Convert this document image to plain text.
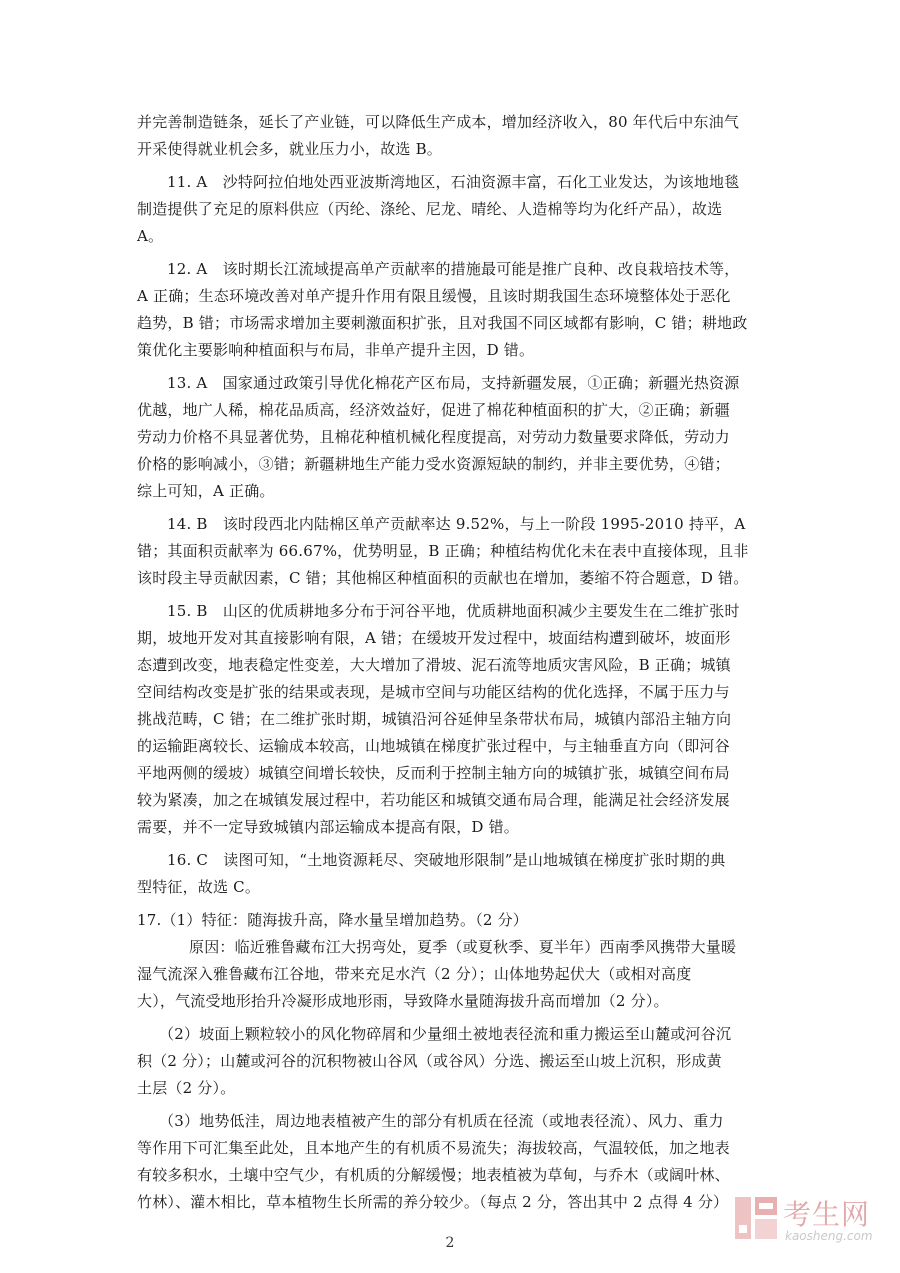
并完善制造链条，延长了产业链，可以降低生产成本，增加经济收入，80 年代后中东油气
开采使得就业机会多，就业压力小，故选 B。
11. A　沙特阿拉伯地处西亚波斯湾地区，石油资源丰富，石化工业发达，为该地地毯
制造提供了充足的原料供应（丙纶、涤纶、尼龙、晴纶、人造棉等均为化纤产品），故选
A。
12. A　该时期长江流域提高单产贡献率的措施最可能是推广良种、改良栽培技术等，
A 正确；生态环境改善对单产提升作用有限且缓慢，且该时期我国生态环境整体处于恶化
趋势，B 错；市场需求增加主要刺激面积扩张，且对我国不同区域都有影响，C 错；耕地政
策优化主要影响种植面积与布局，非单产提升主因，D 错。
13. A　国家通过政策引导优化棉花产区布局，支持新疆发展，①正确；新疆光热资源
优越，地广人稀，棉花品质高，经济效益好，促进了棉花种植面积的扩大，②正确；新疆
劳动力价格不具显著优势，且棉花种植机械化程度提高，对劳动力数量要求降低，劳动力
价格的影响减小，③错；新疆耕地生产能力受水资源短缺的制约，并非主要优势，④错；
综上可知，A 正确。
14. B　该时段西北内陆棉区单产贡献率达 9.52%，与上一阶段 1995-2010 持平，A
错；其面积贡献率为 66.67%，优势明显，B 正确；种植结构优化未在表中直接体现，且非
该时段主导贡献因素，C 错；其他棉区种植面积的贡献也在增加，萎缩不符合题意，D 错。
15. B　山区的优质耕地多分布于河谷平地，优质耕地面积减少主要发生在二维扩张时
期，坡地开发对其直接影响有限，A 错；在缓坡开发过程中，坡面结构遭到破坏，坡面形
态遭到改变，地表稳定性变差，大大增加了滑坡、泥石流等地质灾害风险，B 正确；城镇
空间结构改变是扩张的结果或表现，是城市空间与功能区结构的优化选择，不属于压力与
挑战范畴，C 错；在二维扩张时期，城镇沿河谷延伸呈条带状布局，城镇内部沿主轴方向
的运输距离较长、运输成本较高，山地城镇在梯度扩张过程中，与主轴垂直方向（即河谷
平地两侧的缓坡）城镇空间增长较快，反而利于控制主轴方向的城镇扩张，城镇空间布局
较为紧凑，加之在城镇发展过程中，若功能区和城镇交通布局合理，能满足社会经济发展
需要，并不一定导致城镇内部运输成本提高有限，D 错。
16. C　读图可知，“土地资源耗尽、突破地形限制”是山地城镇在梯度扩张时期的典
型特征，故选 C。
17.（1）特征：随海拔升高，降水量呈增加趋势。（2 分）
原因：临近雅鲁藏布江大拐弯处，夏季（或夏秋季、夏半年）西南季风携带大量暖
湿气流深入雅鲁藏布江谷地，带来充足水汽（2 分）；山体地势起伏大（或相对高度
大），气流受地形抬升冷凝形成地形雨，导致降水量随海拔升高而增加（2 分）。
（2）坡面上颗粒较小的风化物碎屑和少量细土被地表径流和重力搬运至山麓或河谷沉
积（2 分）；山麓或河谷的沉积物被山谷风（或谷风）分选、搬运至山坡上沉积，形成黄
土层（2 分）。
（3）地势低洼，周边地表植被产生的部分有机质在径流（或地表径流）、风力、重力
等作用下可汇集至此处，且本地产生的有机质不易流失；海拔较高，气温较低，加之地表
有较多积水，土壤中空气少，有机质的分解缓慢；地表植被为草甸，与乔木（或阔叶林、
竹林）、灌木相比，草本植物生长所需的养分较少。（每点 2 分，答出其中 2 点得 4 分）
2
考生网
kaosheng.com
